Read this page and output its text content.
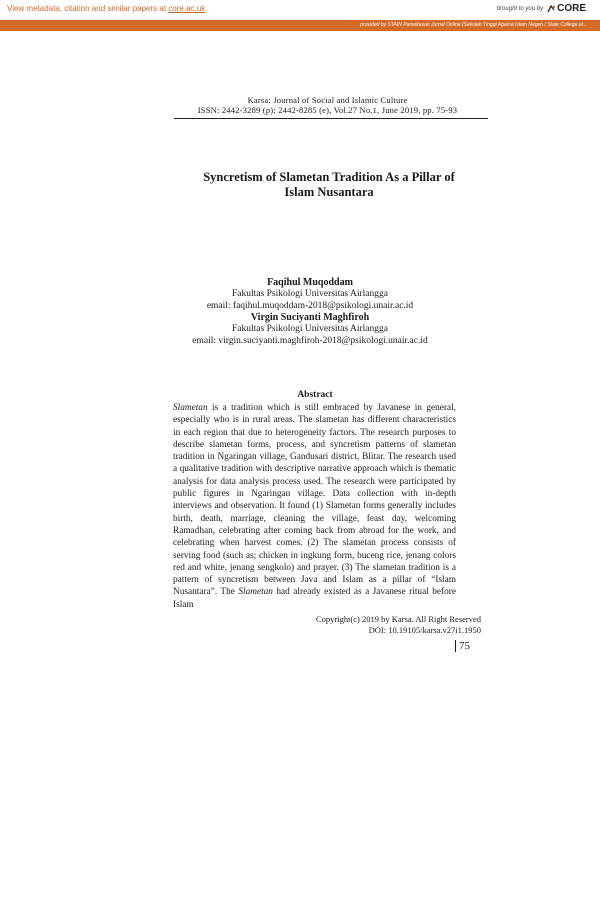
View metadata, citation and similar papers at core.ac.uk	brought to you by CORE
provided by STAIN Pamekasan Jurnal Online (Sekolah Tinggi Agama Islam Negeri / State College of...
Karsa: Journal of Social and Islamic Culture
ISSN: 2442-3289 (p); 2442-8285 (e), Vol.27 No.1, June 2019, pp. 75-93
Syncretism of Slametan Tradition As a Pillar of
Islam Nusantara
Faqihul Muqoddam
Fakultas Psikologi Universitas Airlangga
email: faqihul.muqoddam-2018@psikologi.unair.ac.id
Virgin Suciyanti Maghfiroh
Fakultas Psikologi Universitas Airlangga
email: virgin.suciyanti.maghfiroh-2018@psikologi.unair.ac.id
Abstract

Slametan is a tradition which is still embraced by Javanese in general, especially who is in rural areas. The slametan has different characteristics in each region that due to heterogeneity factors. The research purposes to describe slametan forms, process, and syncretism patterns of slametan tradition in Ngaringan village, Gandusari district, Blitar. The research used a qualitative tradition with descriptive narrative approach which is thematic analysis for data analysis process used. The research were participated by public figures in Ngaringan village. Data collection with in-depth interviews and observation. It found (1) Slametan forms generally includes birth, death, marriage, cleaning the village, feast day, welcoming Ramadhan, celebrating after coming back from abroad for the work, and celebrating when harvest comes. (2) The slametan process consists of serving food (such as; chicken in ingkung form, buceng rice, jenang colors red and white, jenang sengkolo) and prayer. (3) The slametan tradition is a pattern of syncretism between Java and Islam as a pillar of “Islam Nusantara”. The Slametan had already existed as a Javanese ritual before Islam

Copyright(c) 2019 by Karsa. All Right Reserved
DOI: 10.19105/karsa.v27i1.1950
75
